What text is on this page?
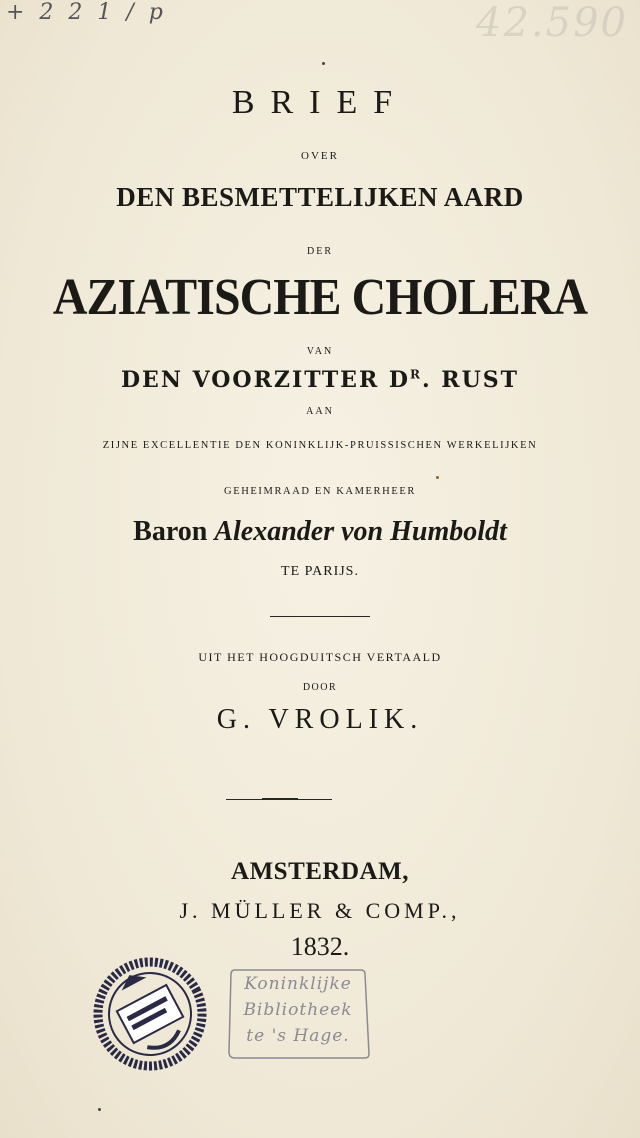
+ 2 2 1 / p	42.590
BRIEF
OVER
DEN BESMETTELIJKEN AARD
DER
AZIATISCHE CHOLERA
VAN
DEN VOORZITTER $D^R$. RUST
AAN
ZIJNE EXCELLENTIE DEN KONINKLIJK-PRUISSISCHEN WERKELIJKEN
GEHEIMRAAD EN KAMERHEER
Baron Alexander von Humboldt
TE PARIJS.
UIT HET HOOGDUITSCH VERTAALD
DOOR
G. VROLIK.
AMSTERDAM,
J. MÜLLER & COMP.,
1832.
Koninklijke
Bibliotheek
te 's Hage.
